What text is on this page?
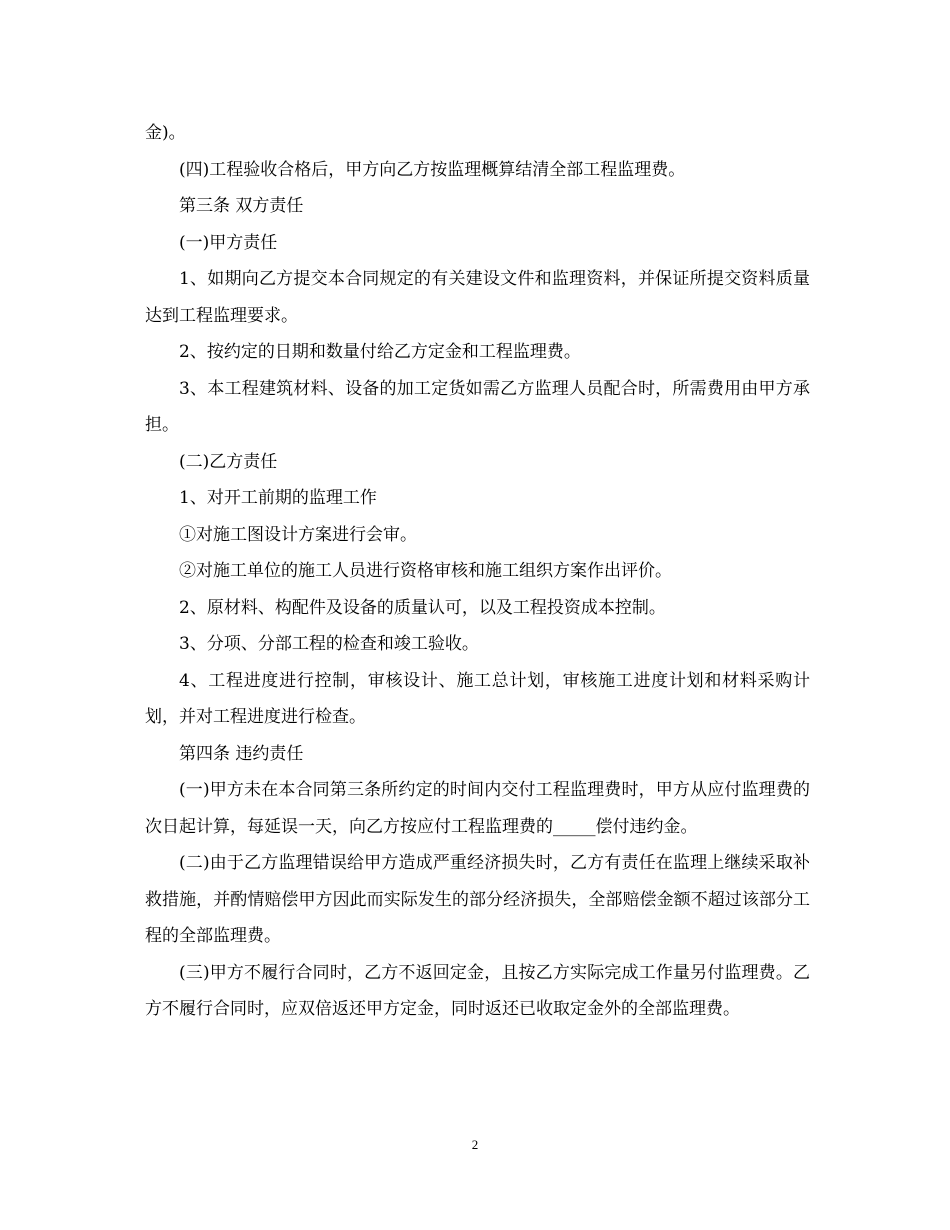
金)。

(四)工程验收合格后，甲方向乙方按监理概算结清全部工程监理费。

第三条 双方责任

(一)甲方责任

1、如期向乙方提交本合同规定的有关建设文件和监理资料，并保证所提交资料质量达到工程监理要求。

2、按约定的日期和数量付给乙方定金和工程监理费。

3、本工程建筑材料、设备的加工定货如需乙方监理人员配合时，所需费用由甲方承担。

(二)乙方责任

1、对开工前期的监理工作

①对施工图设计方案进行会审。

②对施工单位的施工人员进行资格审核和施工组织方案作出评价。

2、原材料、构配件及设备的质量认可，以及工程投资成本控制。

3、分项、分部工程的检查和竣工验收。

4、工程进度进行控制，审核设计、施工总计划，审核施工进度计划和材料采购计划，并对工程进度进行检查。

第四条 违约责任

(一)甲方未在本合同第三条所约定的时间内交付工程监理费时，甲方从应付监理费的次日起计算，每延误一天，向乙方按应付工程监理费的_____偿付违约金。

(二)由于乙方监理错误给甲方造成严重经济损失时，乙方有责任在监理上继续采取补救措施，并酌情赔偿甲方因此而实际发生的部分经济损失，全部赔偿金额不超过该部分工程的全部监理费。

(三)甲方不履行合同时，乙方不返回定金，且按乙方实际完成工作量另付监理费。乙方不履行合同时，应双倍返还甲方定金，同时返还已收取定金外的全部监理费。

2
